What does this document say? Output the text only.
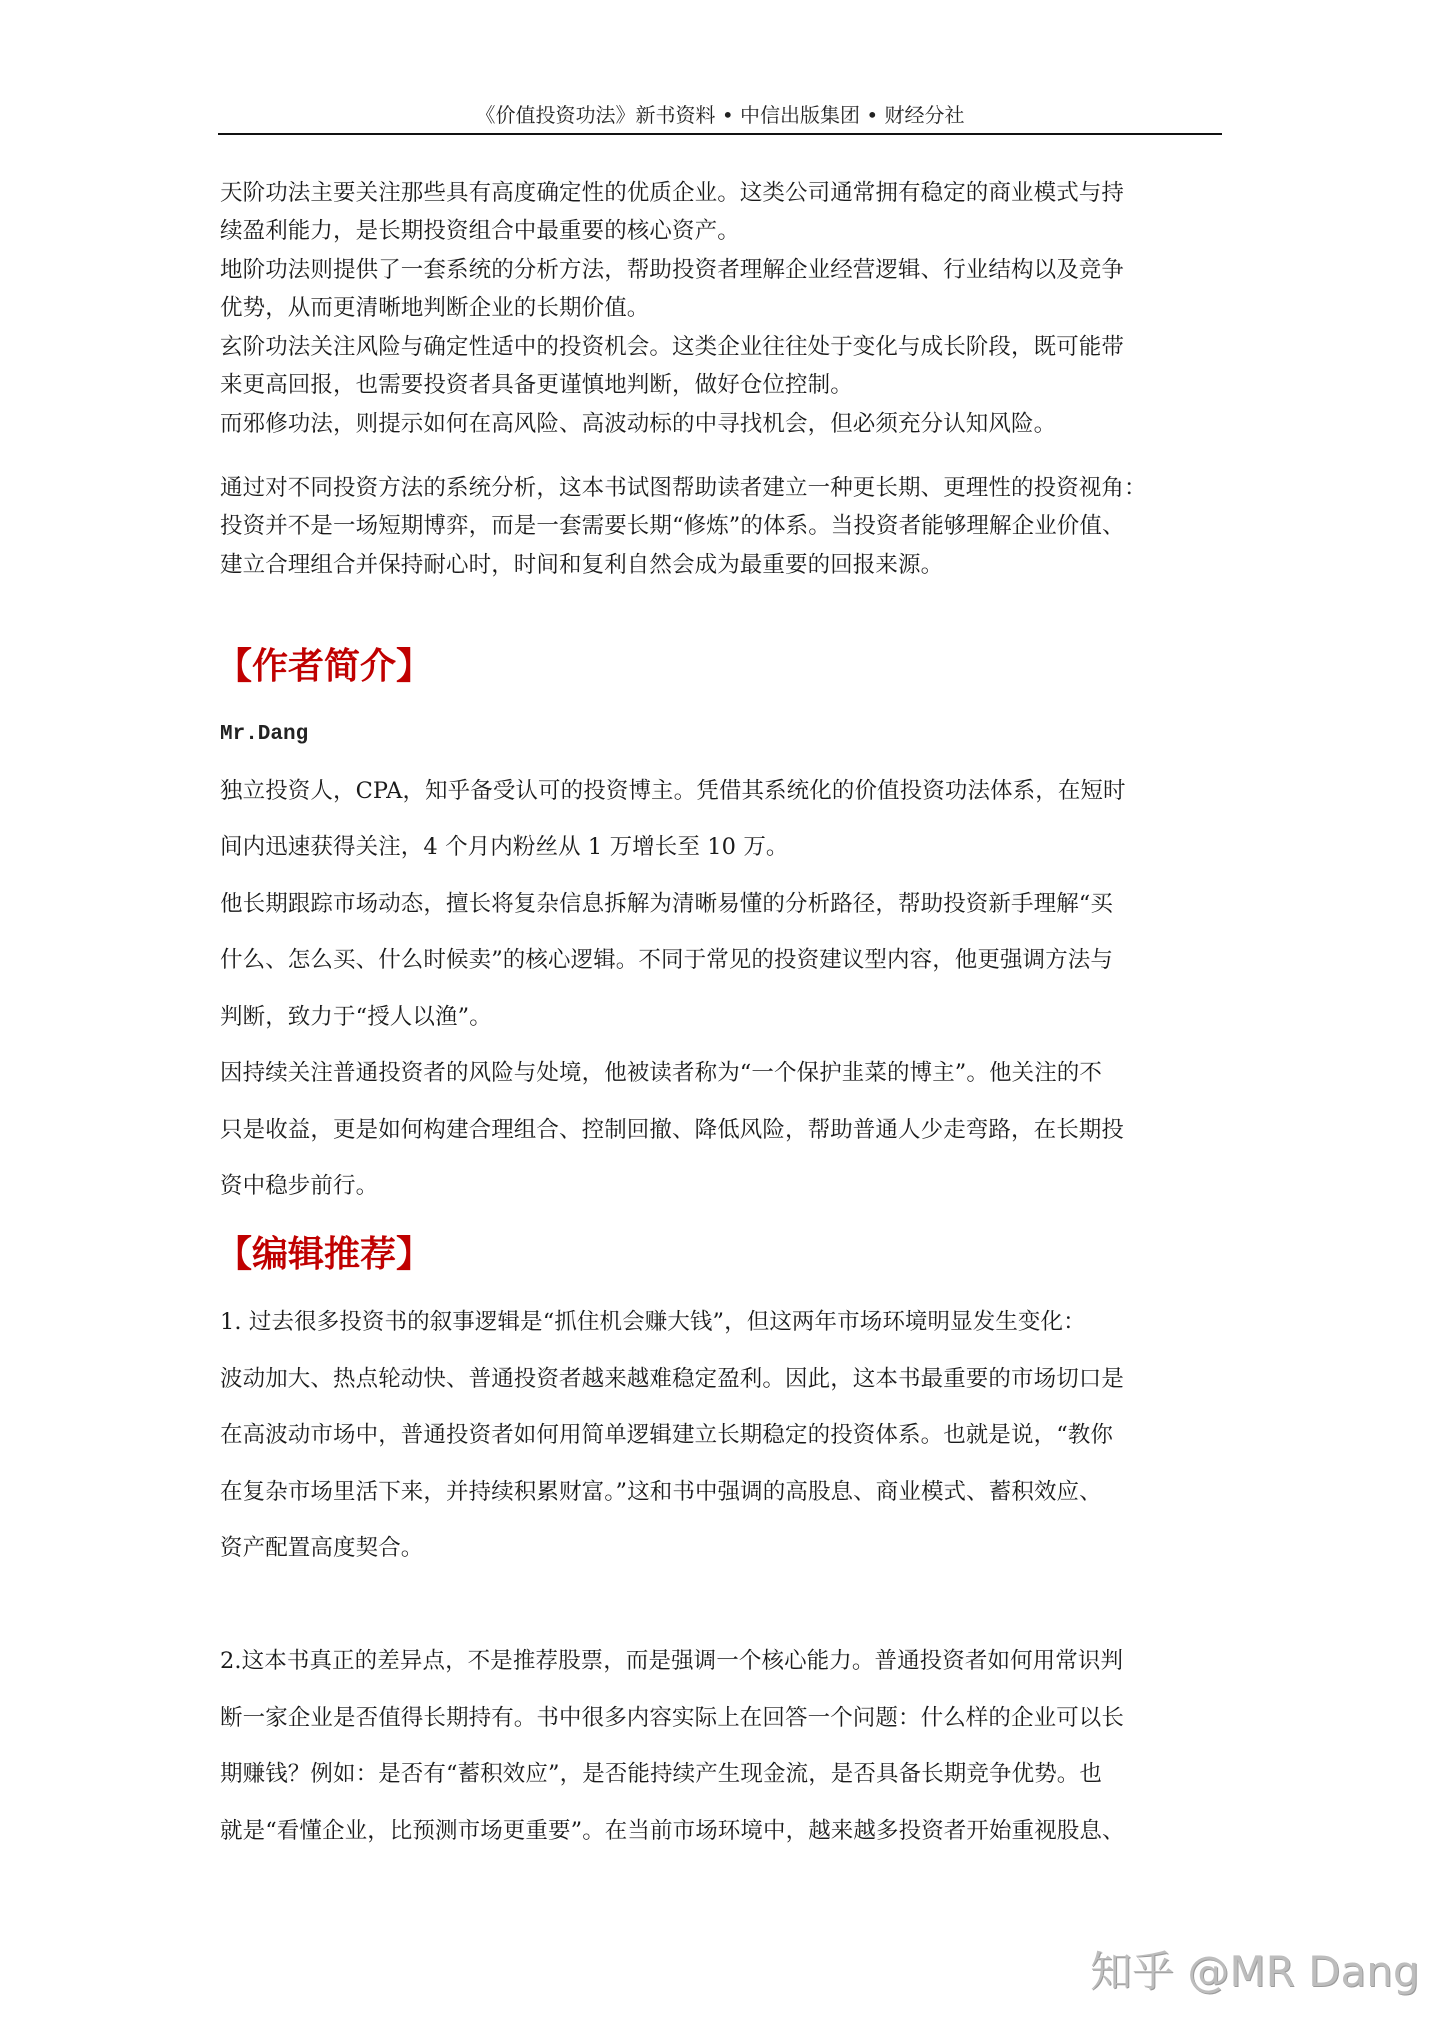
《价值投资功法》新书资料 • 中信出版集团 • 财经分社
天阶功法主要关注那些具有高度确定性的优质企业。这类公司通常拥有稳定的商业模式与持
续盈利能力，是长期投资组合中最重要的核心资产。
地阶功法则提供了一套系统的分析方法，帮助投资者理解企业经营逻辑、行业结构以及竞争
优势，从而更清晰地判断企业的长期价值。
玄阶功法关注风险与确定性适中的投资机会。这类企业往往处于变化与成长阶段，既可能带
来更高回报，也需要投资者具备更谨慎地判断，做好仓位控制。
而邪修功法，则提示如何在高风险、高波动标的中寻找机会，但必须充分认知风险。
通过对不同投资方法的系统分析，这本书试图帮助读者建立一种更长期、更理性的投资视角：
投资并不是一场短期博弈，而是一套需要长期“修炼”的体系。当投资者能够理解企业价值、
建立合理组合并保持耐心时，时间和复利自然会成为最重要的回报来源。
【作者简介】
Mr.Dang
独立投资人，CPA，知乎备受认可的投资博主。凭借其系统化的价值投资功法体系，在短时
间内迅速获得关注，4 个月内粉丝从 1 万增长至 10 万。
他长期跟踪市场动态，擅长将复杂信息拆解为清晰易懂的分析路径，帮助投资新手理解“买
什么、怎么买、什么时候卖”的核心逻辑。不同于常见的投资建议型内容，他更强调方法与
判断，致力于“授人以渔”。
因持续关注普通投资者的风险与处境，他被读者称为“一个保护韭菜的博主”。他关注的不
只是收益，更是如何构建合理组合、控制回撤、降低风险，帮助普通人少走弯路，在长期投
资中稳步前行。
【编辑推荐】
1. 过去很多投资书的叙事逻辑是“抓住机会赚大钱”，但这两年市场环境明显发生变化：
波动加大、热点轮动快、普通投资者越来越难稳定盈利。因此，这本书最重要的市场切口是
在高波动市场中，普通投资者如何用简单逻辑建立长期稳定的投资体系。也就是说，“教你
在复杂市场里活下来，并持续积累财富。”这和书中强调的高股息、商业模式、蓄积效应、
资产配置高度契合。
2.这本书真正的差异点，不是推荐股票，而是强调一个核心能力。普通投资者如何用常识判
断一家企业是否值得长期持有。书中很多内容实际上在回答一个问题：什么样的企业可以长
期赚钱？例如：是否有“蓄积效应”，是否能持续产生现金流，是否具备长期竞争优势。也
就是“看懂企业，比预测市场更重要”。在当前市场环境中，越来越多投资者开始重视股息、
知乎 @MR Dang
